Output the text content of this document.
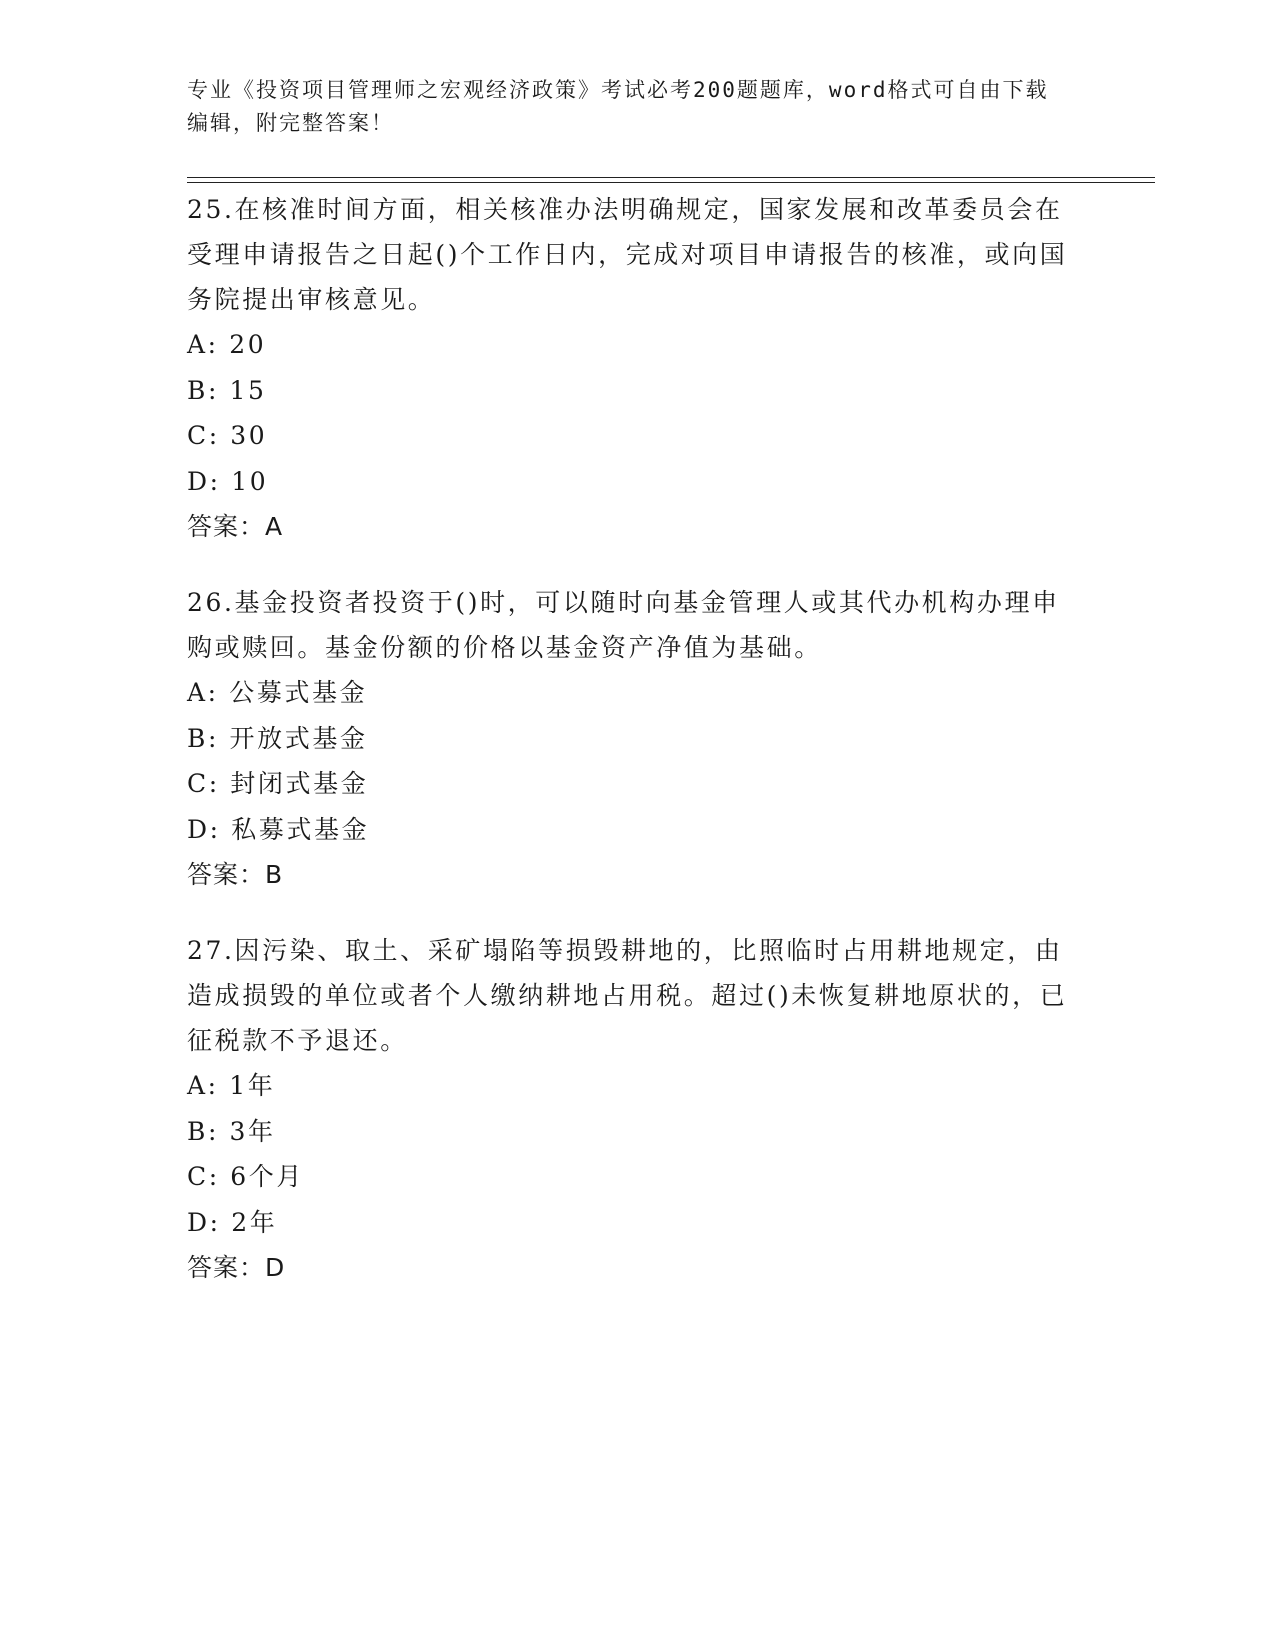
专业《投资项目管理师之宏观经济政策》考试必考200题题库，word格式可自由下载编辑，附完整答案！

25.在核准时间方面，相关核准办法明确规定，国家发展和改革委员会在受理申请报告之日起()个工作日内，完成对项目申请报告的核准，或向国务院提出审核意见。

A: 20

B: 15

C: 30

D: 10

答案：A

26.基金投资者投资于()时，可以随时向基金管理人或其代办机构办理申购或赎回。基金份额的价格以基金资产净值为基础。

A: 公募式基金

B: 开放式基金

C: 封闭式基金

D: 私募式基金

答案：B

27.因污染、取土、采矿塌陷等损毁耕地的，比照临时占用耕地规定，由造成损毁的单位或者个人缴纳耕地占用税。超过()未恢复耕地原状的，已征税款不予退还。

A: 1年

B: 3年

C: 6个月

D: 2年

答案：D
